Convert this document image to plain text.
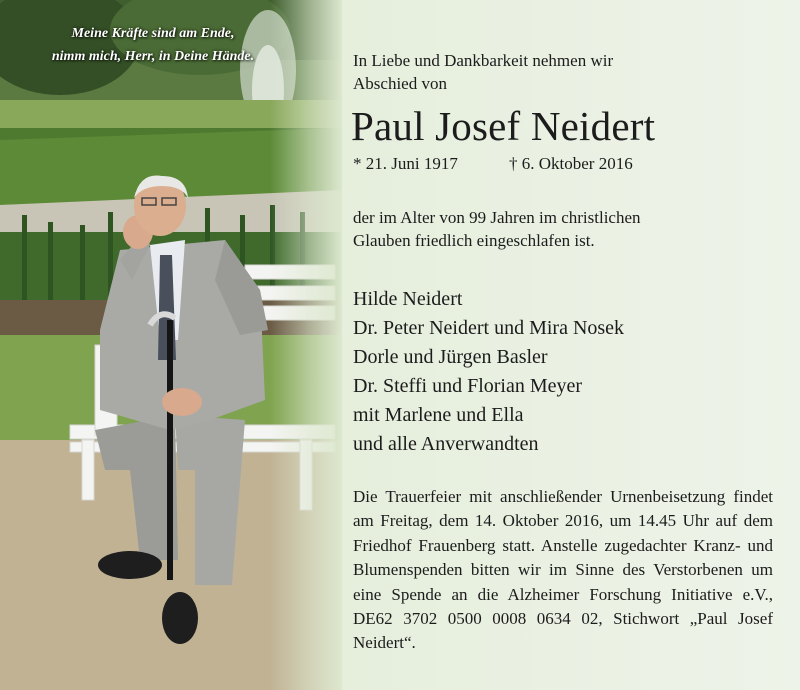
Meine Kräfte sind am Ende,
nimm mich, Herr, in Deine Hände.	In Liebe und Dankbarkeit nehmen wir
Abschied von
Paul Josef Neidert
* 21. Juni 1917	† 6. Oktober 2016
der im Alter von 99 Jahren im christlichen
Glauben friedlich eingeschlafen ist.
Hilde Neidert
Dr. Peter Neidert und Mira Nosek
Dorle und Jürgen Basler
Dr. Steffi und Florian Meyer
mit Marlene und Ella
und alle Anverwandten
Die Trauerfeier mit anschließender Urnenbeisetzung findet am Freitag, dem 14. Oktober 2016, um 14.45 Uhr auf dem Friedhof Frauenberg statt. Anstelle zugedachter Kranz- und Blumenspenden bitten wir im Sinne des Verstorbenen um eine Spende an die Alzheimer Forschung Initiative e.V., DE62 3702 0500 0008 0634 02, Stichwort „Paul Josef Neidert“.
